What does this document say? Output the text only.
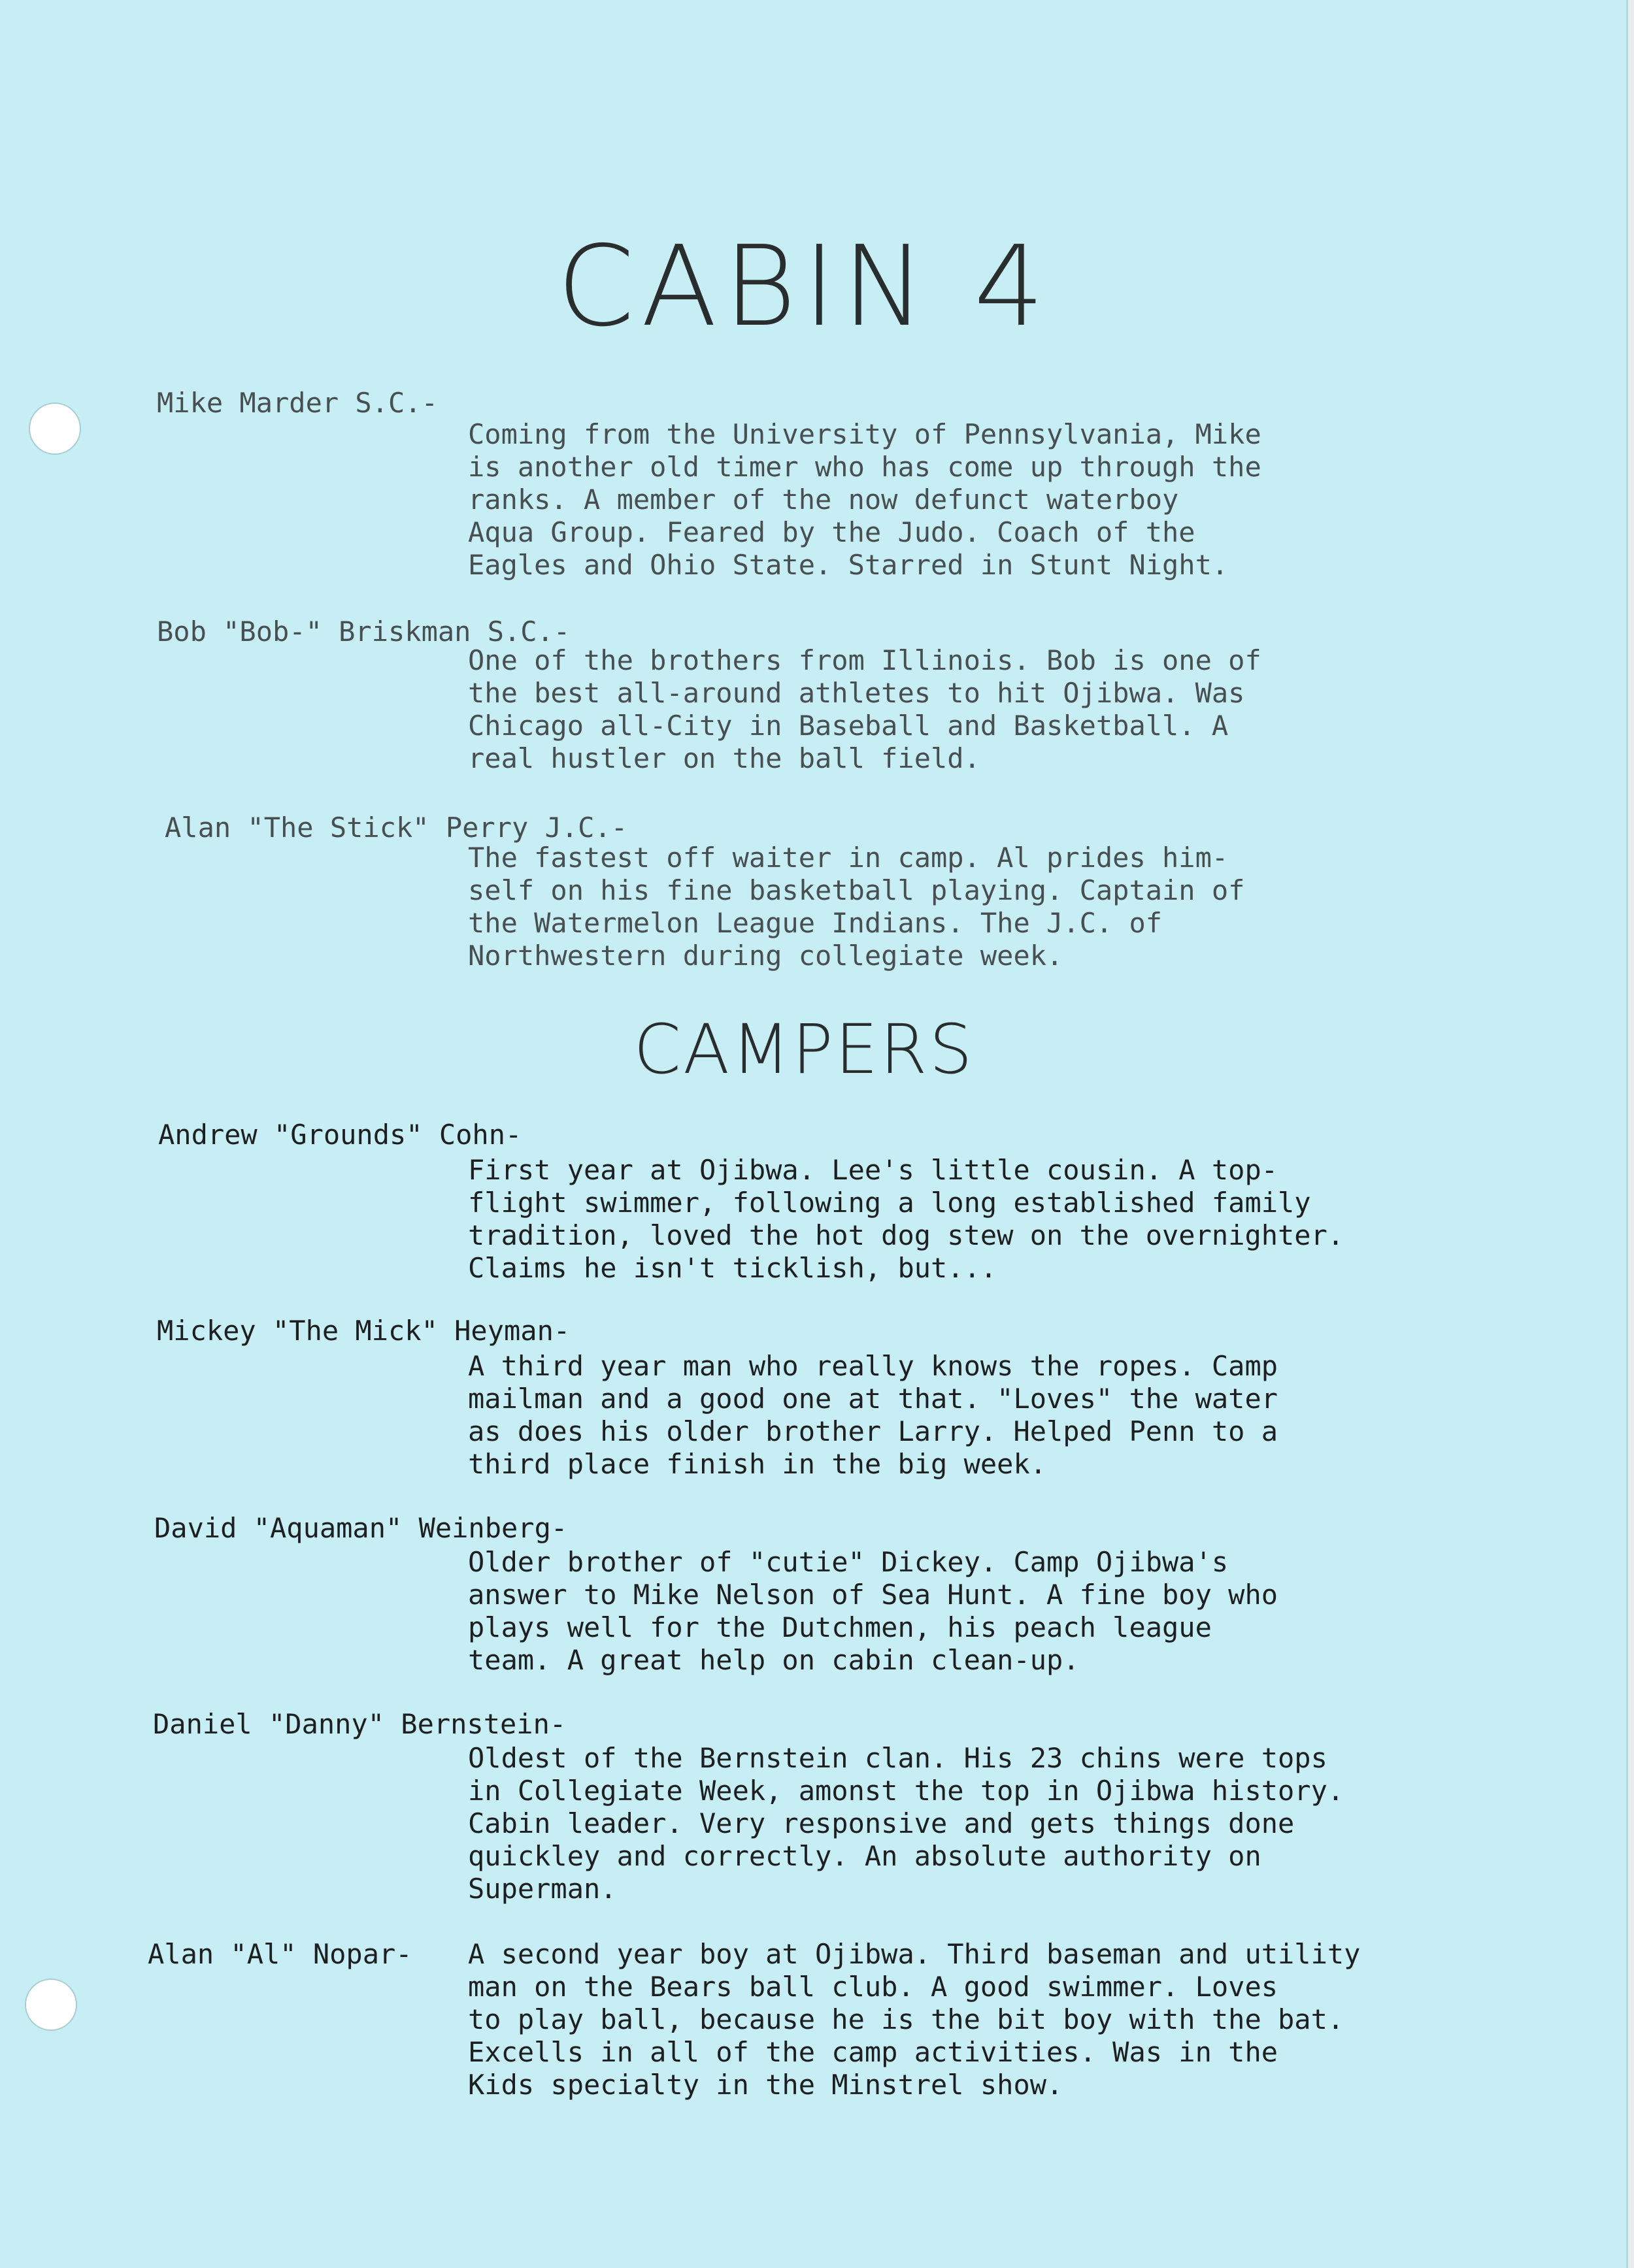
CABIN 4
Mike Marder S.C.-
Coming from the University of Pennsylvania, Mike
is another old timer who has come up through the
ranks. A member of the now defunct waterboy
Aqua Group. Feared by the Judo. Coach of the
Eagles and Ohio State. Starred in Stunt Night.
Bob "Bob-" Briskman S.C.-
One of the brothers from Illinois. Bob is one of
the best all-around athletes to hit Ojibwa. Was
Chicago all-City in Baseball and Basketball. A
real hustler on the ball field.
Alan "The Stick" Perry J.C.-
The fastest off waiter in camp. Al prides him-
self on his fine basketball playing. Captain of
the Watermelon League Indians. The J.C. of
Northwestern during collegiate week.
CAMPERS
Andrew "Grounds" Cohn-
First year at Ojibwa. Lee's little cousin. A top-
flight swimmer, following a long established family
tradition, loved the hot dog stew on the overnighter.
Claims he isn't ticklish, but...
Mickey "The Mick" Heyman-
A third year man who really knows the ropes. Camp
mailman and a good one at that. "Loves" the water
as does his older brother Larry. Helped Penn to a
third place finish in the big week.
David "Aquaman" Weinberg-
Older brother of "cutie" Dickey. Camp Ojibwa's
answer to Mike Nelson of Sea Hunt. A fine boy who
plays well for the Dutchmen, his peach league
team. A great help on cabin clean-up.
Daniel "Danny" Bernstein-
Oldest of the Bernstein clan. His 23 chins were tops
in Collegiate Week, amonst the top in Ojibwa history.
Cabin leader. Very responsive and gets things done
quickley and correctly. An absolute authority on
Superman.
Alan "Al" Nopar- A second year boy at Ojibwa. Third baseman and utility
man on the Bears ball club. A good swimmer. Loves
to play ball, because he is the bit boy with the bat.
Excells in all of the camp activities. Was in the
Kids specialty in the Minstrel show.
